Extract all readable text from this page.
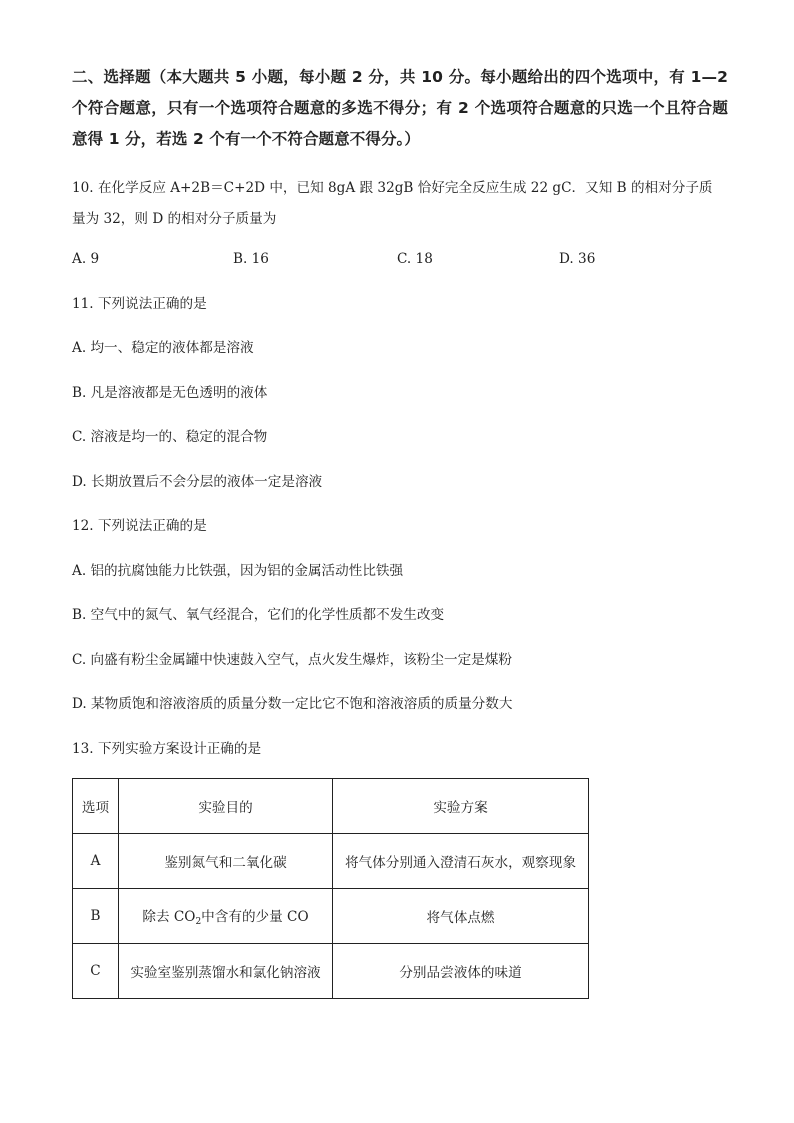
二、选择题（本大题共 5 小题，每小题 2 分，共 10 分。每小题给出的四个选项中，有 1—2 个符合题意，只有一个选项符合题意的多选不得分；有 2 个选项符合题意的只选一个且符合题意得 1 分，若选 2 个有一个不符合题意不得分。）
10. 在化学反应 A+2B＝C+2D 中，已知 8gA 跟 32gB 恰好完全反应生成 22 gC．又知 B 的相对分子质量为 32，则 D 的相对分子质量为
A. 9	B. 16	C. 18	D. 36
11. 下列说法正确的是
A. 均一、稳定的液体都是溶液
B. 凡是溶液都是无色透明的液体
C. 溶液是均一的、稳定的混合物
D. 长期放置后不会分层的液体一定是溶液
12. 下列说法正确的是
A. 铝的抗腐蚀能力比铁强，因为铝的金属活动性比铁强
B. 空气中的氮气、氧气经混合，它们的化学性质都不发生改变
C. 向盛有粉尘金属罐中快速鼓入空气，点火发生爆炸，该粉尘一定是煤粉
D. 某物质饱和溶液溶质的质量分数一定比它不饱和溶液溶质的质量分数大
13. 下列实验方案设计正确的是
选项	实验目的	实验方案
A	鉴别氮气和二氧化碳	将气体分别通入澄清石灰水，观察现象
B	除去 $CO_2$中含有的少量 CO	将气体点燃
C	实验室鉴别蒸馏水和氯化钠溶液	分别品尝液体的味道
